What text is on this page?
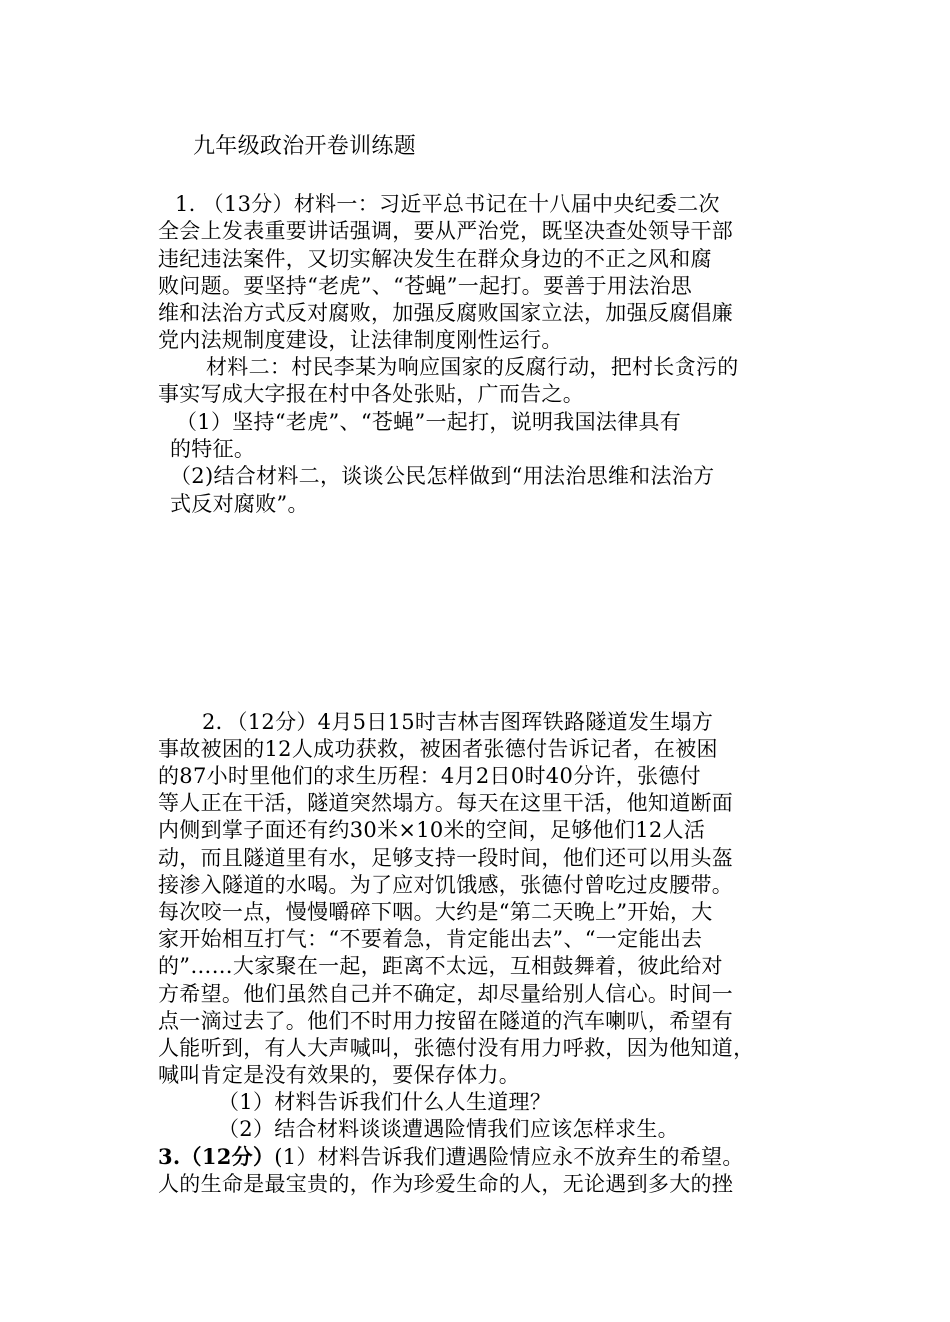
九年级政治开卷训练题
1. （13分）材料一：习近平总书记在十八届中央纪委二次
全会上发表重要讲话强调，要从严治党，既坚决查处领导干部
违纪违法案件，又切实解决发生在群众身边的不正之风和腐
败问题。要坚持“老虎”、“苍蝇”一起打。要善于用法治思
维和法治方式反对腐败，加强反腐败国家立法，加强反腐倡廉
党内法规制度建设，让法律制度刚性运行。
材料二：村民李某为响应国家的反腐行动，把村长贪污的
事实写成大字报在村中各处张贴，广而告之。
（1）坚持“老虎”、“苍蝇”一起打，说明我国法律具有
的特征。
（2)结合材料二，谈谈公民怎样做到“用法治思维和法治方
式反对腐败”。
2．（12分）4月5日15时吉林吉图珲铁路隧道发生塌方
事故被困的12人成功获救，被困者张德付告诉记者，在被困
的87小时里他们的求生历程：4月2日0时40分许，张德付
等人正在干活，隧道突然塌方。每天在这里干活，他知道断面
内侧到掌子面还有约30米×10米的空间，足够他们12人活
动，而且隧道里有水，足够支持一段时间，他们还可以用头盔
接渗入隧道的水喝。为了应对饥饿感，张德付曾吃过皮腰带。
每次咬一点，慢慢嚼碎下咽。大约是“第二天晚上”开始，大
家开始相互打气：“不要着急，肯定能出去”、“一定能出去
的”……大家聚在一起，距离不太远，互相鼓舞着，彼此给对
方希望。他们虽然自己并不确定，却尽量给别人信心。时间一
点一滴过去了。他们不时用力按留在隧道的汽车喇叭，希望有
人能听到，有人大声喊叫，张德付没有用力呼救，因为他知道，
喊叫肯定是没有效果的，要保存体力。
（1）材料告诉我们什么人生道理？
（2）结合材料谈谈遭遇险情我们应该怎样求生。
3.（12分）(1）材料告诉我们遭遇险情应永不放弃生的希望。
人的生命是最宝贵的，作为珍爱生命的人，无论遇到多大的挫
